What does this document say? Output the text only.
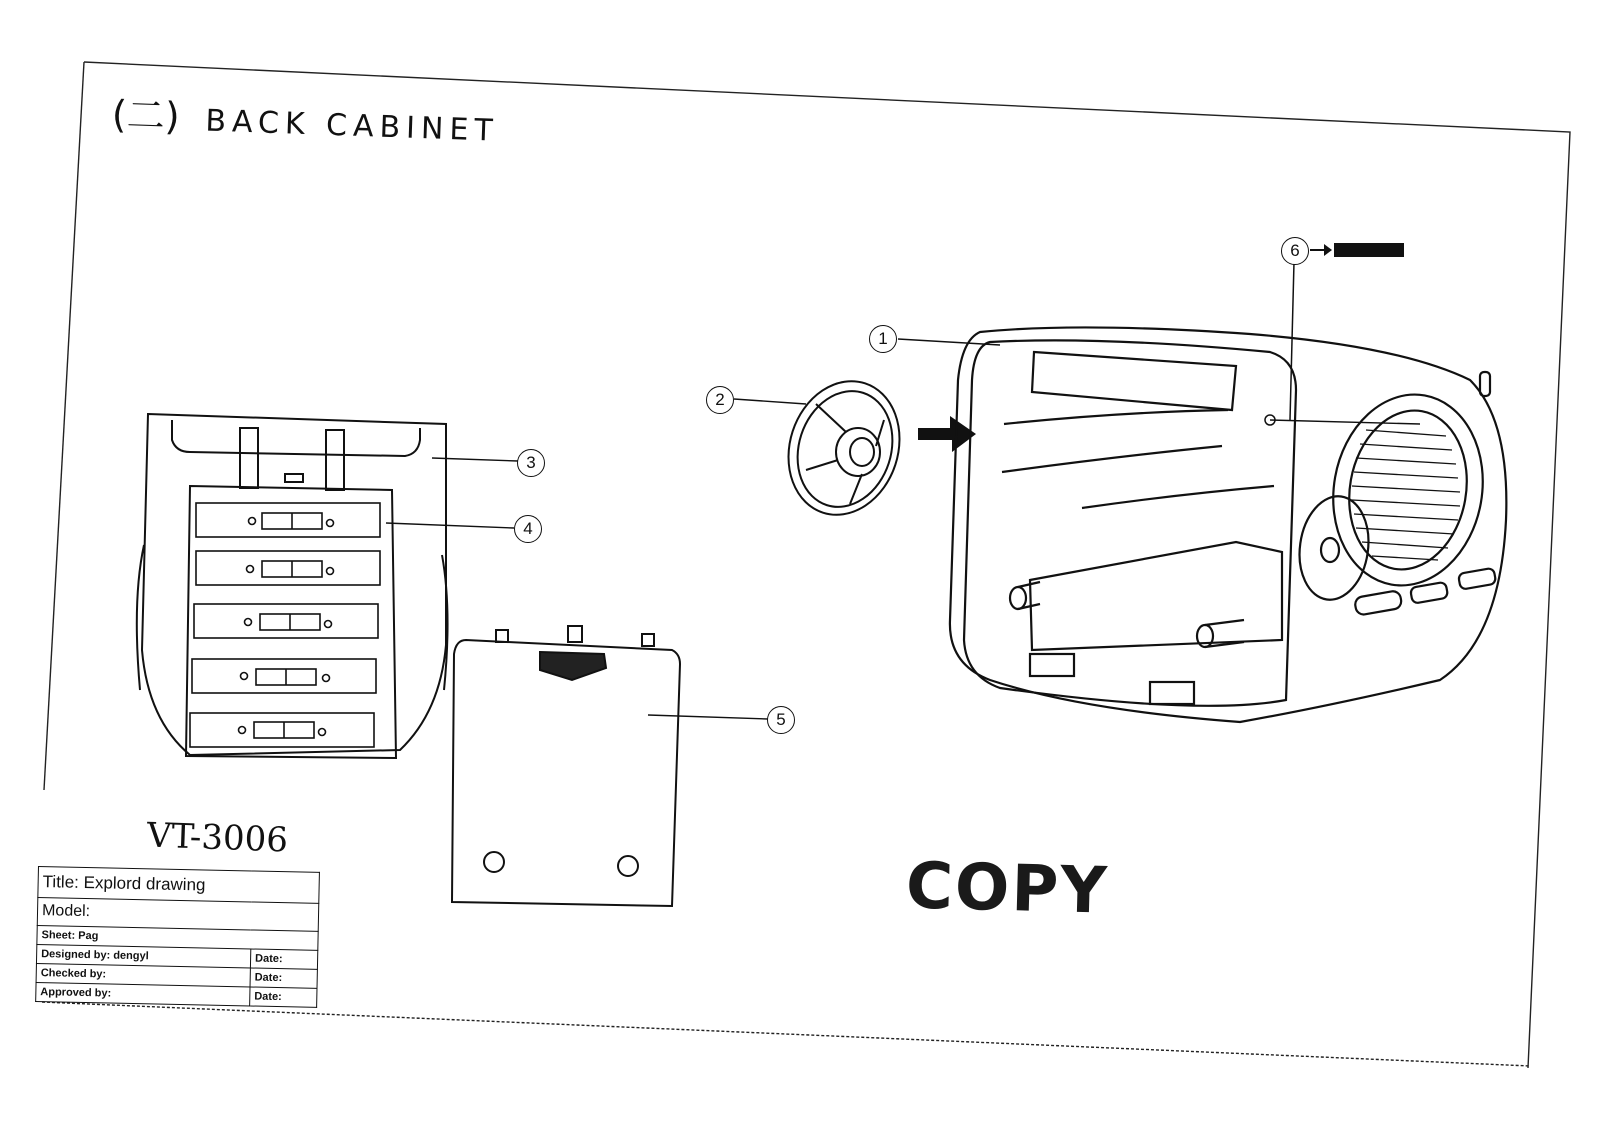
(二) BACK CABINET
1
2
3
4
5
6
VT-3006
Title: Explord drawing	
Model:	
Sheet: Pag	
Designed by: dengyl	Date:
Checked by:	Date:
Approved by:	Date:
COPY
